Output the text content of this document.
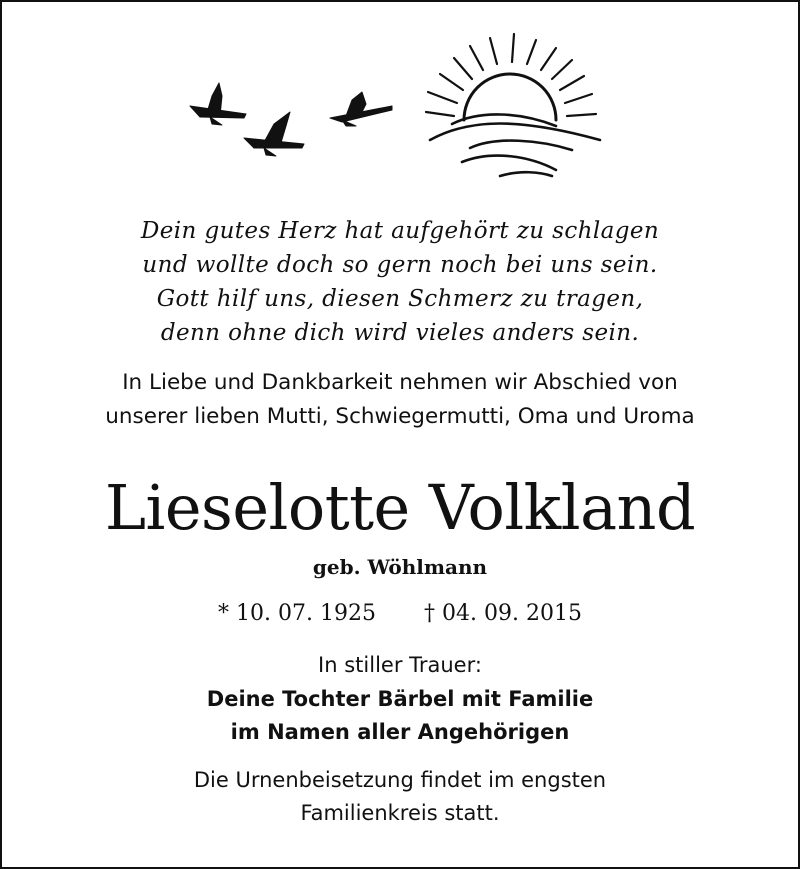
Dein gutes Herz hat aufgehört zu schlagen
und wollte doch so gern noch bei uns sein.
Gott hilf uns, diesen Schmerz zu tragen,
denn ohne dich wird vieles anders sein.
In Liebe und Dankbarkeit nehmen wir Abschied von
unserer lieben Mutti, Schwiegermutti, Oma und Uroma
Lieselotte Volkland
geb. Wöhlmann
* 10. 07. 1925 † 04. 09. 2015
In stiller Trauer:
Deine Tochter Bärbel mit Familie
im Namen aller Angehörigen
Die Urnenbeisetzung findet im engsten
Familienkreis statt.
